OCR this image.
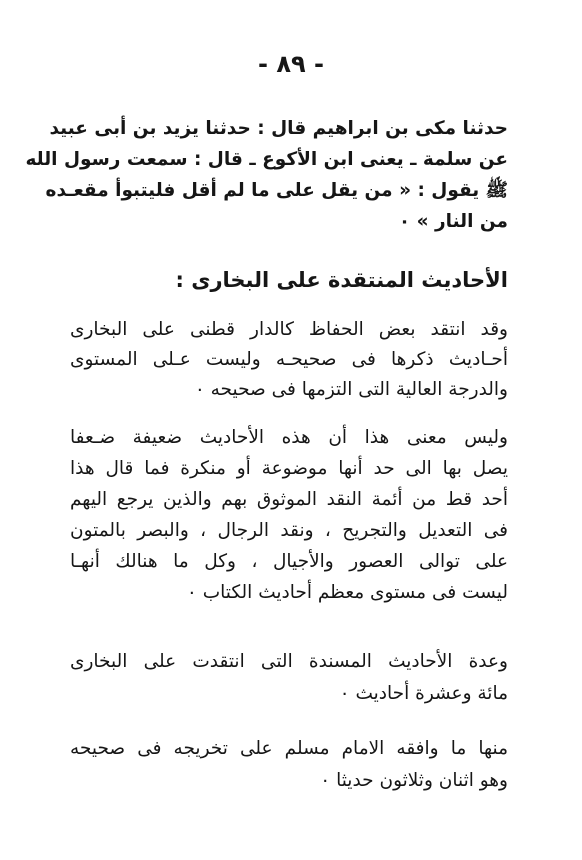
- ٨٩ -
حدثنا مكى بن ابراهيم قال : حدثنا يزيد بن أبى عبيد
عن سلمة ـ يعنى ابن الأكوع ـ قال : سمعت رسول الله
ﷺ يقول : « من يقل على ما لم أقل فليتبوأ مقعـده
من النار » ٠
الأحاديث المنتقدة على البخارى :
وقد انتقد بعض الحفاظ كالدار قطنى على البخارى
أحـاديث ذكرها فى صحيحـه وليست عـلى المستوى
والدرجة العالية التى التزمها فى صحيحه ٠
وليس معنى هذا أن هذه الأحاديث ضعيفة ضـعفا
يصل بها الى حد أنها موضوعة أو منكرة فما قال هذا
أحد قط من أئمة النقد الموثوق بهم والذين يرجع اليهم
فى التعديل والتجريح ، ونقد الرجال ، والبصر بالمتون
على توالى العصور والأجيال ، وكل ما هنالك أنهـا
ليست فى مستوى معظم أحاديث الكتاب ٠
وعدة الأحاديث المسندة التى انتقدت على البخارى
مائة وعشرة أحاديث ٠
منها ما وافقه الامام مسلم على تخريجه فى صحيحه
وهو اثنان وثلاثون حديثا ٠
